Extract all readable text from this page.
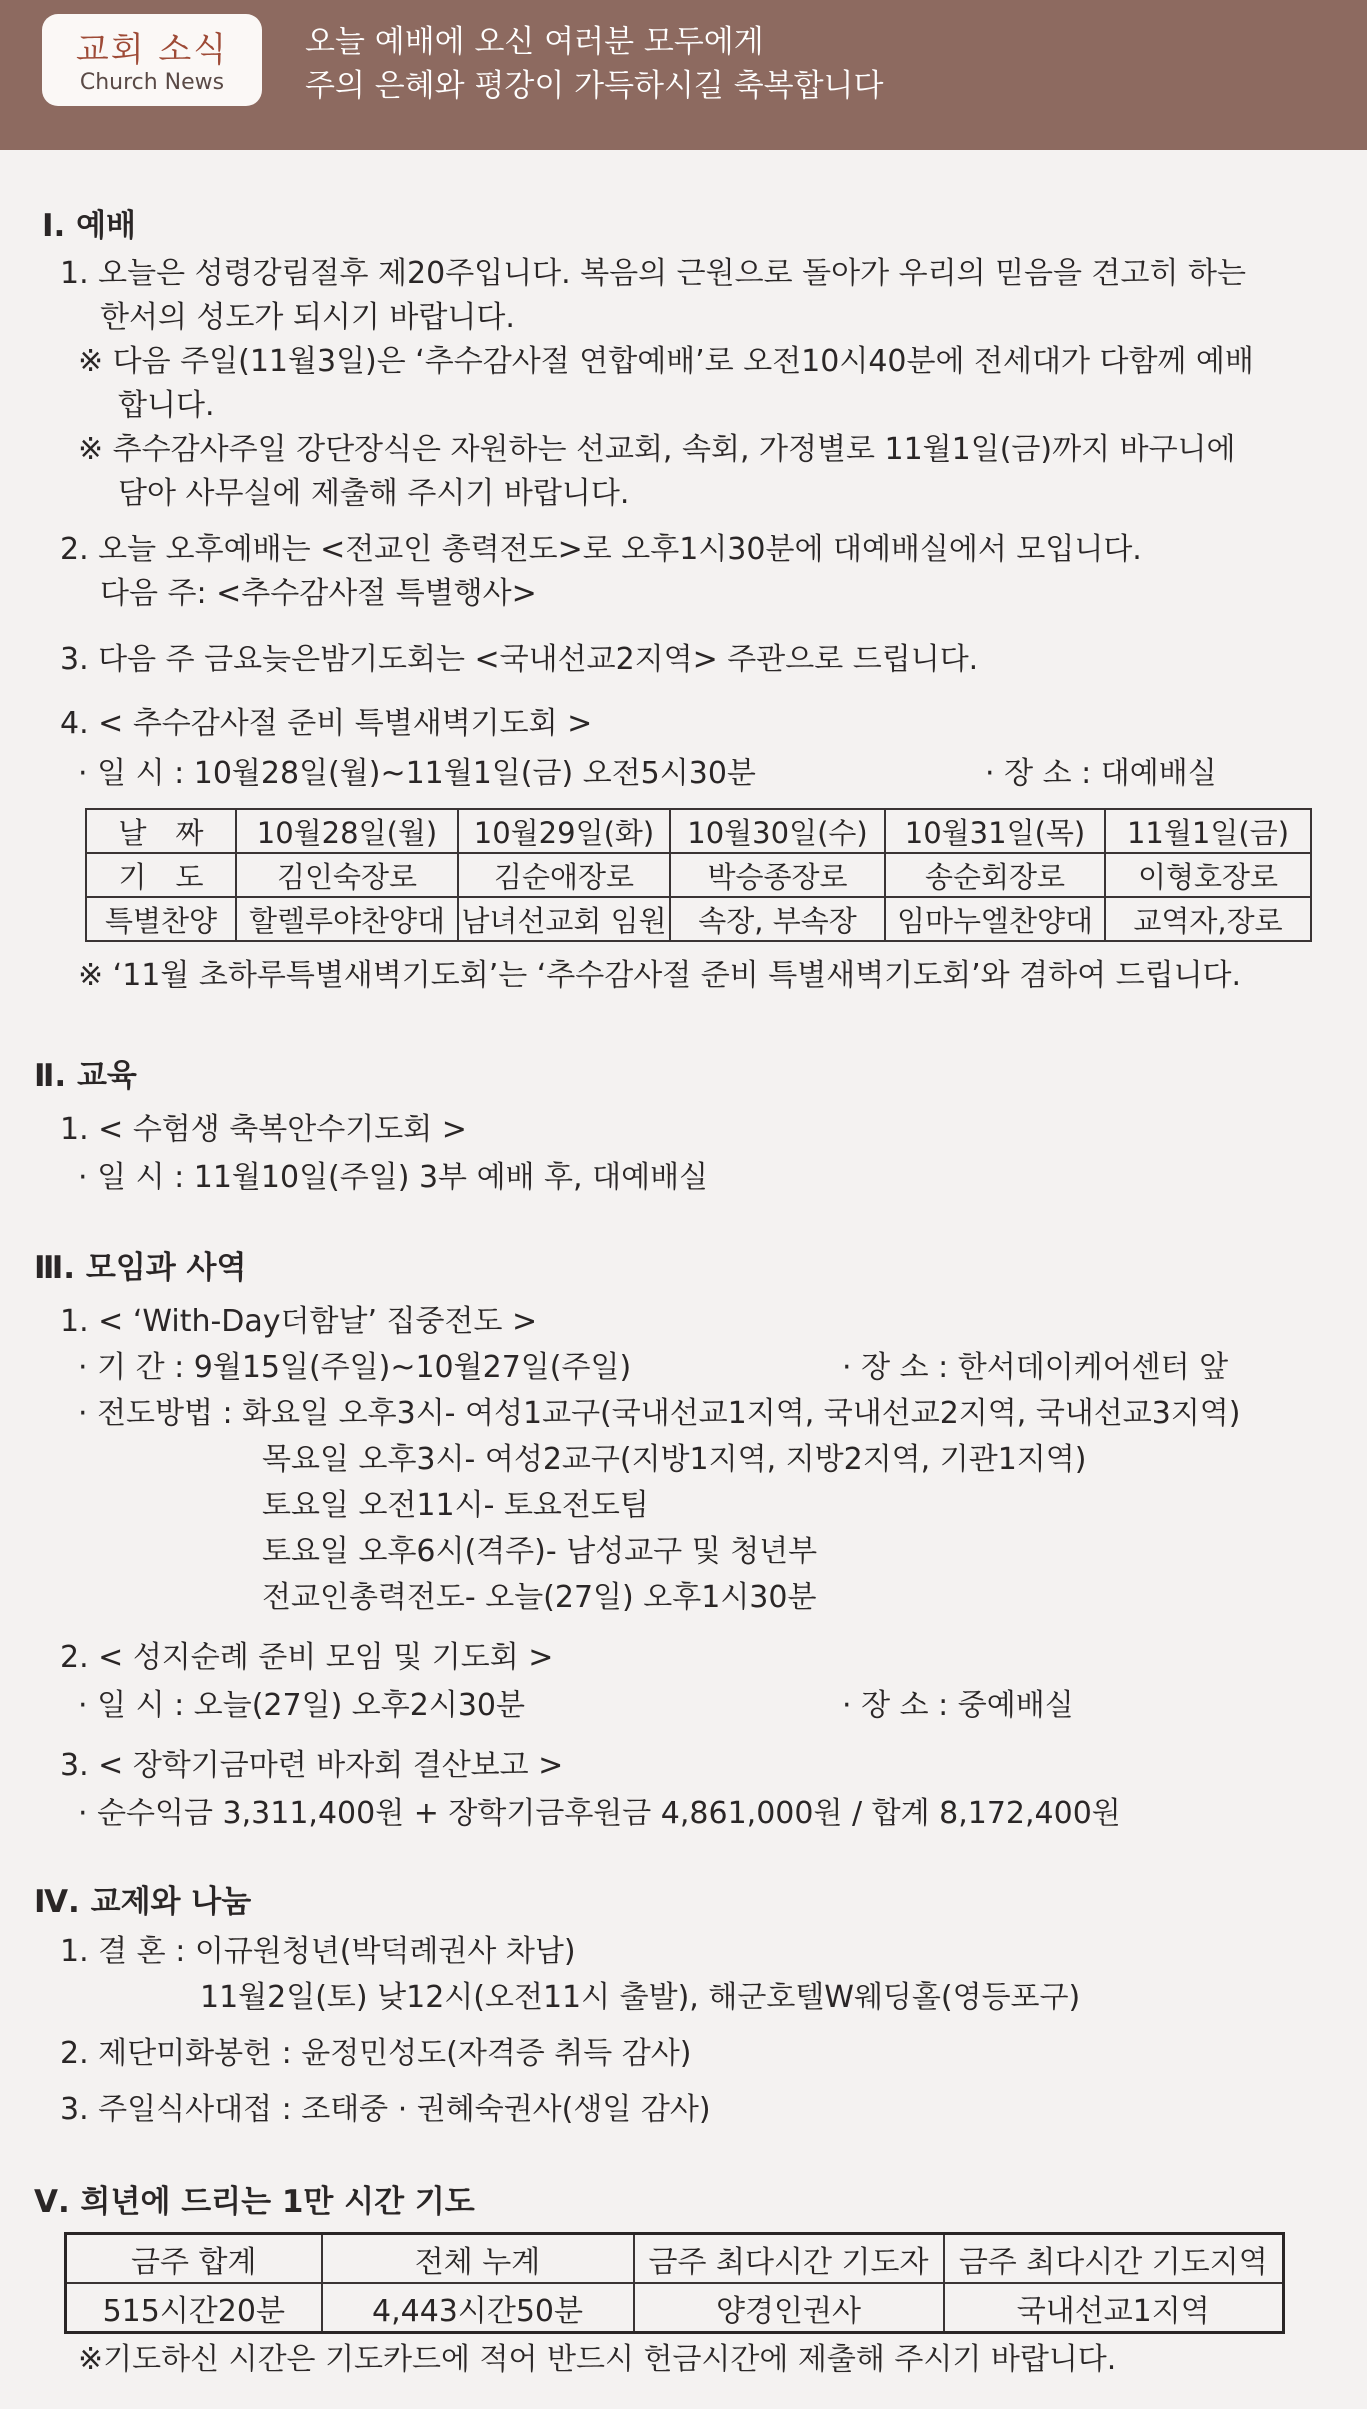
교회 소식
Church News
오늘 예배에 오신 여러분 모두에게
주의 은혜와 평강이 가득하시길 축복합니다
Ⅰ. 예배
1. 오늘은 성령강림절후 제20주입니다. 복음의 근원으로 돌아가 우리의 믿음을 견고히 하는
한서의 성도가 되시기 바랍니다.
※ 다음 주일(11월3일)은 ‘추수감사절 연합예배’로 오전10시40분에 전세대가 다함께 예배
합니다.
※ 추수감사주일 강단장식은 자원하는 선교회, 속회, 가정별로 11월1일(금)까지 바구니에
담아 사무실에 제출해 주시기 바랍니다.
2. 오늘 오후예배는 <전교인 총력전도>로 오후1시30분에 대예배실에서 모입니다.
다음 주: <추수감사절 특별행사>
3. 다음 주 금요늦은밤기도회는 <국내선교2지역> 주관으로 드립니다.
4. < 추수감사절 준비 특별새벽기도회 >
· 일 시 : 10월28일(월)~11월1일(금) 오전5시30분	· 장 소 : 대예배실
날　짜	10월28일(월)	10월29일(화)	10월30일(수)	10월31일(목)	11월1일(금)
기　도	김인숙장로	김순애장로	박승종장로	송순회장로	이형호장로
특별찬양	할렐루야찬양대	남녀선교회 임원	속장, 부속장	임마누엘찬양대	교역자,장로
※ ‘11월 초하루특별새벽기도회’는 ‘추수감사절 준비 특별새벽기도회’와 겸하여 드립니다.
Ⅱ. 교육
1. < 수험생 축복안수기도회 >
· 일 시 : 11월10일(주일) 3부 예배 후, 대예배실
Ⅲ. 모임과 사역
1. < ‘With-Day더함날’ 집중전도 >
· 기 간 : 9월15일(주일)~10월27일(주일)	· 장 소 : 한서데이케어센터 앞
· 전도방법 : 화요일 오후3시- 여성1교구(국내선교1지역, 국내선교2지역, 국내선교3지역)
목요일 오후3시- 여성2교구(지방1지역, 지방2지역, 기관1지역)
토요일 오전11시- 토요전도팀
토요일 오후6시(격주)- 남성교구 및 청년부
전교인총력전도- 오늘(27일) 오후1시30분
2. < 성지순례 준비 모임 및 기도회 >
· 일 시 : 오늘(27일) 오후2시30분	· 장 소 : 중예배실
3. < 장학기금마련 바자회 결산보고 >
· 순수익금 3,311,400원 + 장학기금후원금 4,861,000원 / 합계 8,172,400원
Ⅳ. 교제와 나눔
1. 결 혼 : 이규원청년(박덕례권사 차남)
11월2일(토) 낮12시(오전11시 출발), 해군호텔W웨딩홀(영등포구)
2. 제단미화봉헌 : 윤정민성도(자격증 취득 감사)
3. 주일식사대접 : 조태중 · 권혜숙권사(생일 감사)
Ⅴ. 희년에 드리는 1만 시간 기도
금주 합계	전체 누계	금주 최다시간 기도자	금주 최다시간 기도지역
515시간20분	4,443시간50분	양경인권사	국내선교1지역
※기도하신 시간은 기도카드에 적어 반드시 헌금시간에 제출해 주시기 바랍니다.
